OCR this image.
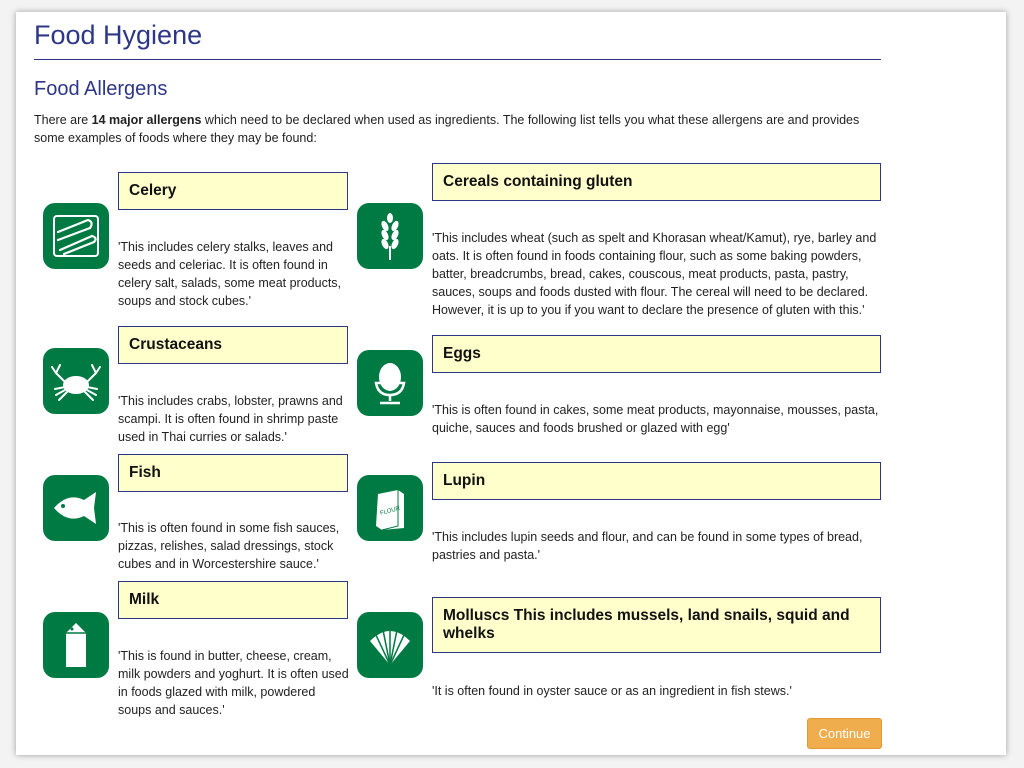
Food Hygiene
Food Allergens
There are 14 major allergens which need to be declared when used as ingredients. The following list tells you what these allergens are and provides some examples of foods where they may be found:
Celery
'This includes celery stalks, leaves and seeds and celeriac. It is often found in celery salt, salads, some meat products, soups and stock cubes.'
Cereals containing gluten
'This includes wheat (such as spelt and Khorasan wheat/Kamut), rye, barley and oats. It is often found in foods containing flour, such as some baking powders, batter, breadcrumbs, bread, cakes, couscous, meat products, pasta, pastry, sauces, soups and foods dusted with flour. The cereal will need to be declared. However, it is up to you if you want to declare the presence of gluten with this.'
Crustaceans
'This includes crabs, lobster, prawns and scampi. It is often found in shrimp paste used in Thai curries or salads.'
Eggs
'This is often found in cakes, some meat products, mayonnaise, mousses, pasta, quiche, sauces and foods brushed or glazed with egg'
Fish
'This is often found in some fish sauces, pizzas, relishes, salad dressings, stock cubes and in Worcestershire sauce.'
FLOUR
Lupin
'This includes lupin seeds and flour, and can be found in some types of bread, pastries and pasta.'
Milk
'This is found in butter, cheese, cream, milk powders and yoghurt. It is often used in foods glazed with milk, powdered soups and sauces.'
Molluscs This includes mussels, land snails, squid and whelks
'It is often found in oyster sauce or as an ingredient in fish stews.'
Continue
